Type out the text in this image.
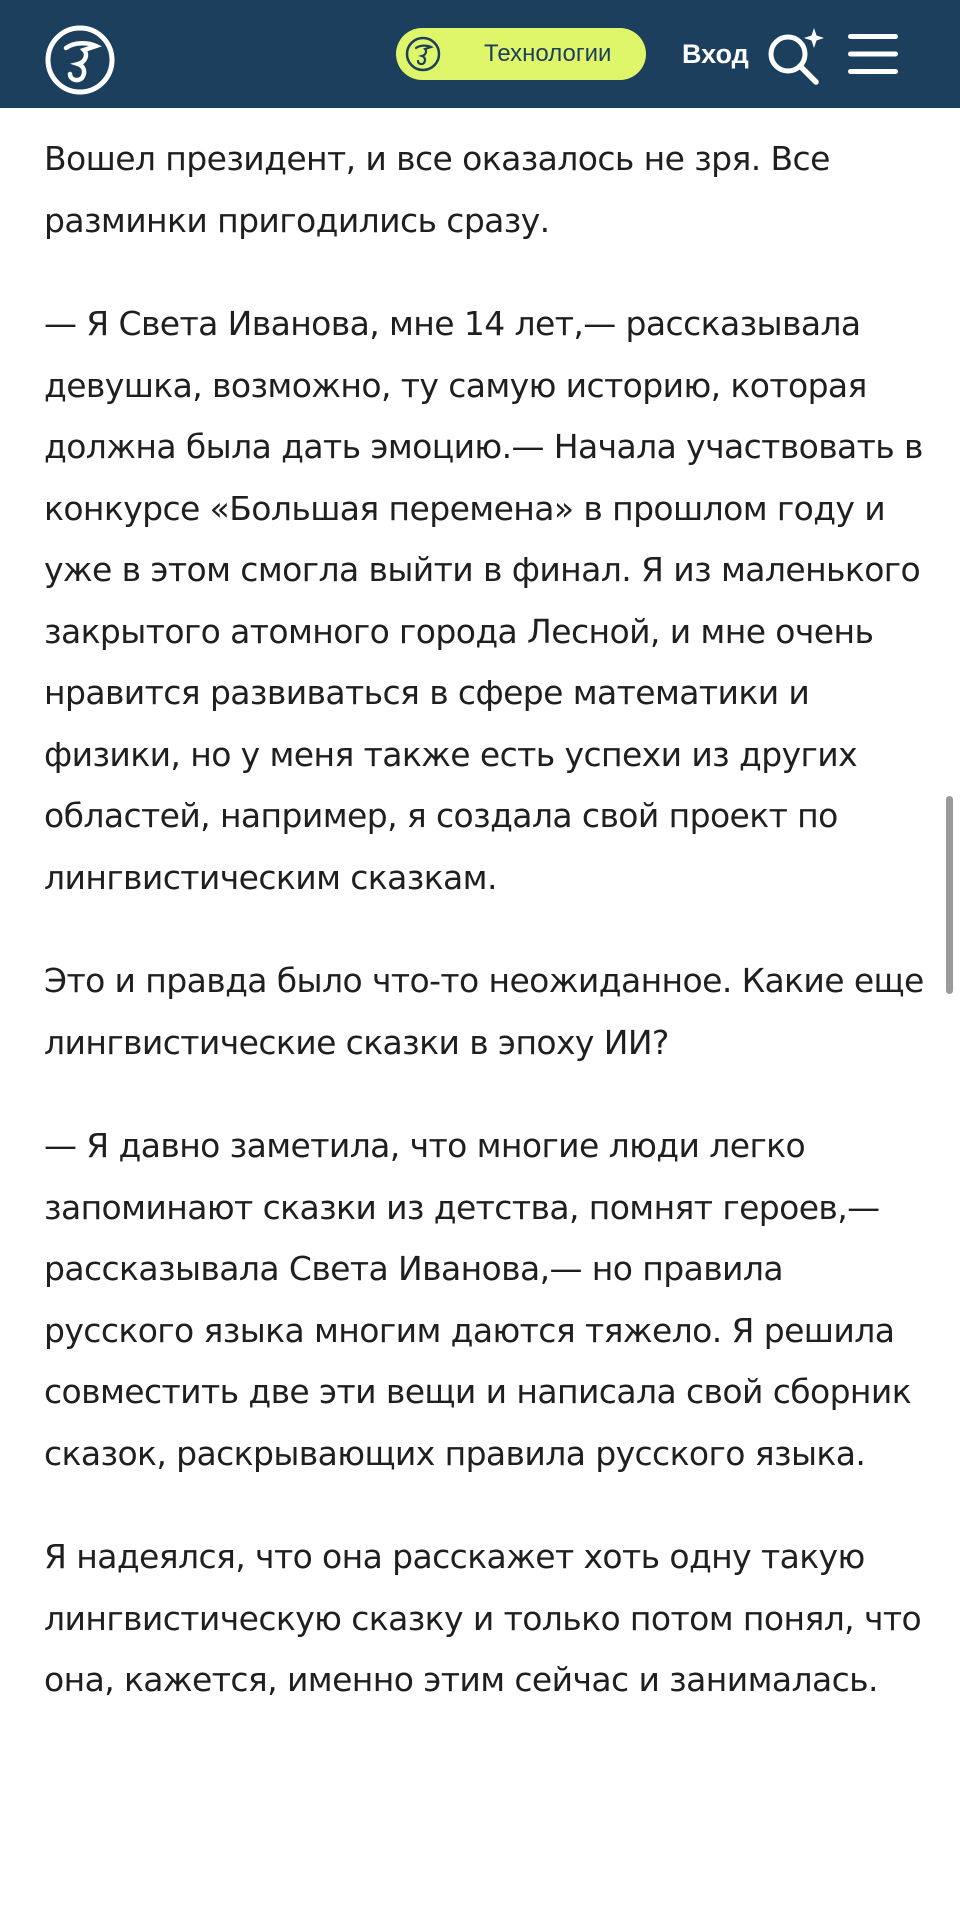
Технологии	Вход

Вошел президент, и все оказалось не зря. Все разминки пригодились сразу.

— Я Света Иванова, мне 14 лет,— рассказывала девушка, возможно, ту самую историю, которая должна была дать эмоцию.— Начала участвовать в конкурсе «Большая перемена» в прошлом году и уже в этом смогла выйти в финал. Я из маленького закрытого атомного города Лесной, и мне очень нравится развиваться в сфере математики и физики, но у меня также есть успехи из других областей, например, я создала свой проект по лингвистическим сказкам.

Это и правда было что-то неожиданное. Какие еще лингвистические сказки в эпоху ИИ?

— Я давно заметила, что многие люди легко запоминают сказки из детства, помнят героев,— рассказывала Света Иванова,— но правила русского языка многим даются тяжело. Я решила совместить две эти вещи и написала свой сборник сказок, раскрывающих правила русского языка.

Я надеялся, что она расскажет хоть одну такую лингвистическую сказку и только потом понял, что она, кажется, именно этим сейчас и занималась.
